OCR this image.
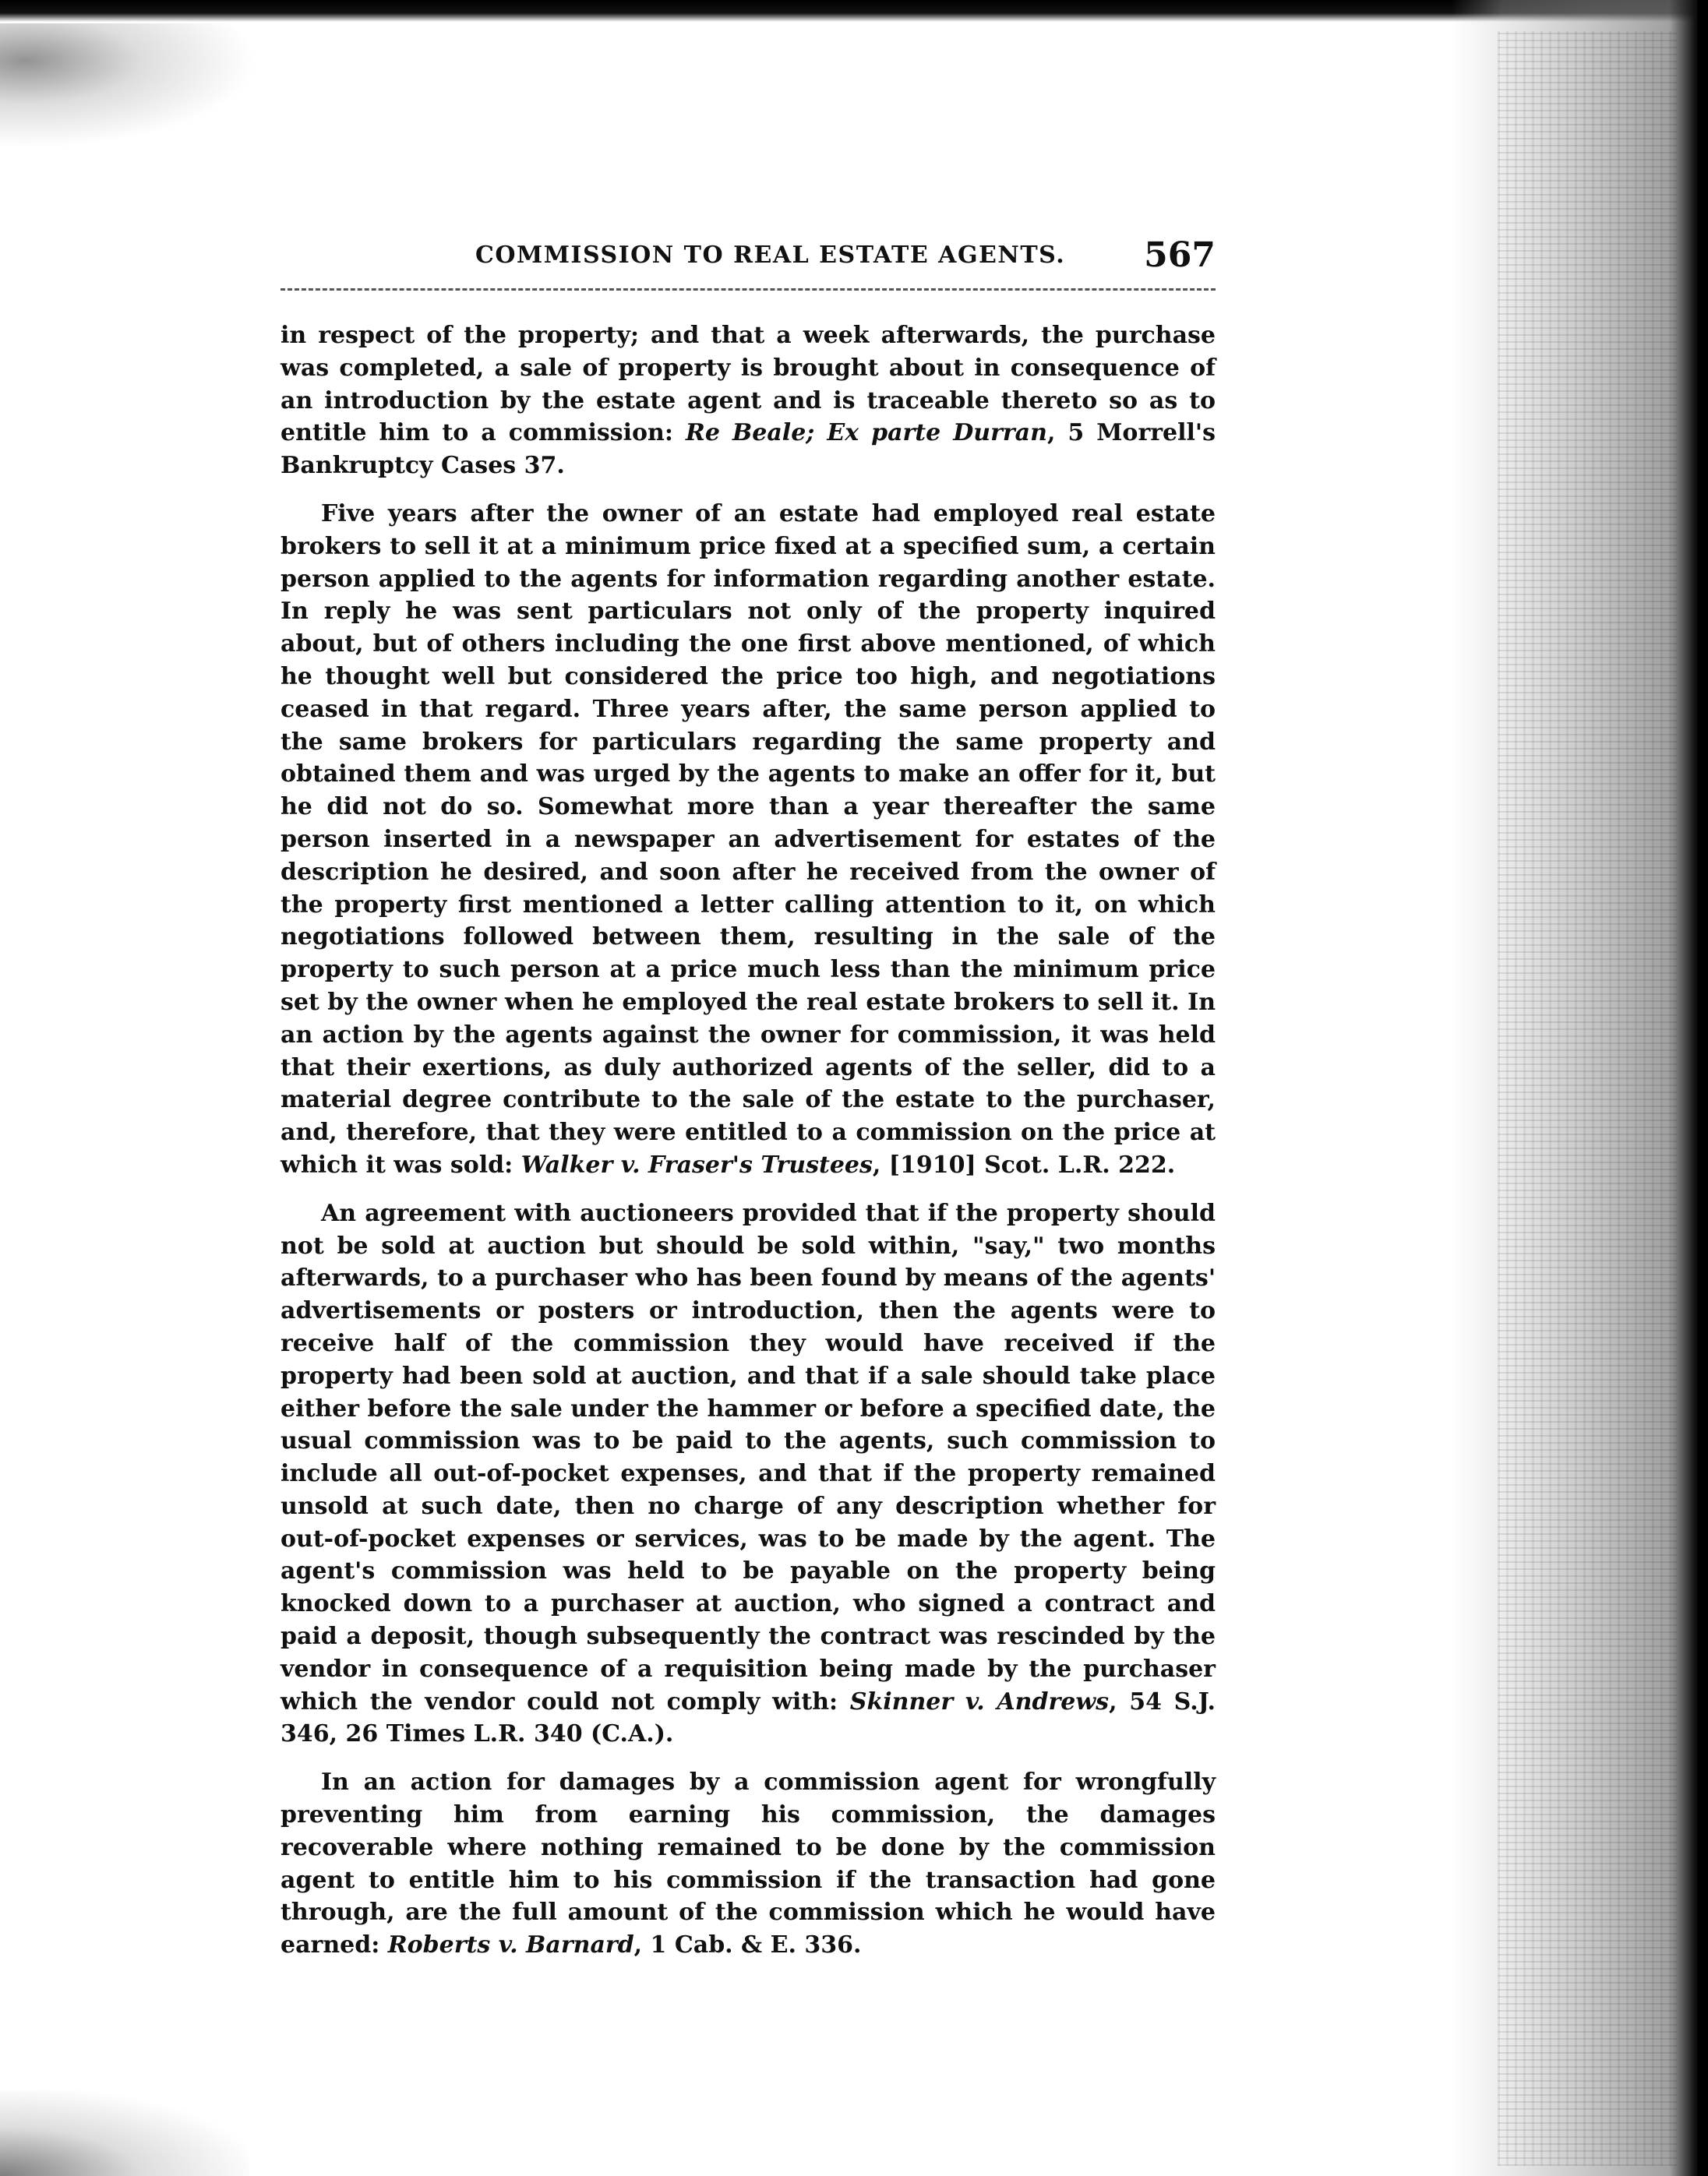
COMMISSION TO REAL ESTATE AGENTS. 567

in respect of the property; and that a week afterwards, the purchase was completed, a sale of property is brought about in consequence of an introduction by the estate agent and is traceable thereto so as to entitle him to a commission: Re Beale; Ex parte Durran, 5 Morrell's Bankruptcy Cases 37.

Five years after the owner of an estate had employed real estate brokers to sell it at a minimum price fixed at a specified sum, a certain person applied to the agents for information regarding another estate. In reply he was sent particulars not only of the property inquired about, but of others including the one first above mentioned, of which he thought well but considered the price too high, and negotiations ceased in that regard. Three years after, the same person applied to the same brokers for particulars regarding the same property and obtained them and was urged by the agents to make an offer for it, but he did not do so. Somewhat more than a year thereafter the same person inserted in a newspaper an advertisement for estates of the description he desired, and soon after he received from the owner of the property first mentioned a letter calling attention to it, on which negotiations followed between them, resulting in the sale of the property to such person at a price much less than the minimum price set by the owner when he employed the real estate brokers to sell it. In an action by the agents against the owner for commission, it was held that their exertions, as duly authorized agents of the seller, did to a material degree contribute to the sale of the estate to the purchaser, and, therefore, that they were entitled to a commission on the price at which it was sold: Walker v. Fraser's Trustees, [1910] Scot. L.R. 222.

An agreement with auctioneers provided that if the property should not be sold at auction but should be sold within, "say," two months afterwards, to a purchaser who has been found by means of the agents' advertisements or posters or introduction, then the agents were to receive half of the commission they would have received if the property had been sold at auction, and that if a sale should take place either before the sale under the hammer or before a specified date, the usual commission was to be paid to the agents, such commission to include all out-of-pocket expenses, and that if the property remained unsold at such date, then no charge of any description whether for out-of-pocket expenses or services, was to be made by the agent. The agent's commission was held to be payable on the property being knocked down to a purchaser at auction, who signed a contract and paid a deposit, though subsequently the contract was rescinded by the vendor in consequence of a requisition being made by the purchaser which the vendor could not comply with: Skinner v. Andrews, 54 S.J. 346, 26 Times L.R. 340 (C.A.).

In an action for damages by a commission agent for wrongfully preventing him from earning his commission, the damages recoverable where nothing remained to be done by the commission agent to entitle him to his commission if the transaction had gone through, are the full amount of the commission which he would have earned: Roberts v. Barnard, 1 Cab. & E. 336.
